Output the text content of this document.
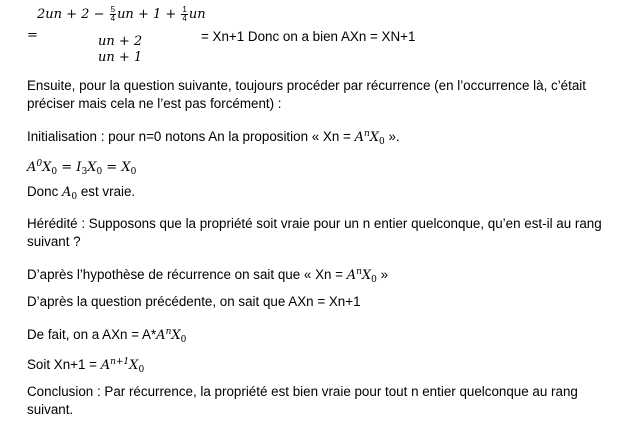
=
$2un + 2 - \frac{5}{4}$ un + $1 + \frac{1}{4}$ un
un + 2
un + 1
= Xn+1 Donc on a bien AXn = XN+1
Ensuite, pour la question suivante, toujours procéder par récurrence (en l’occurrence là, c’était préciser mais cela ne l’est pas forcément) :
Initialisation : pour n=0 notons An la proposition « $Xn = A^nX_0$ ».
$A^0X_0 = I_3X_0 = X_0$
Donc $A_0$ est vraie.
Hérédité : Supposons que la propriété soit vraie pour un n entier quelconque, qu’en est-il au rang suivant ?
D’après l’hypothèse de récurrence on sait que « $Xn = A^nX_0$ »
D’après la question précédente, on sait que AXn = Xn+1
De fait, on a AXn = $A*A^nX_0$
Soit $Xn+1 = A^{n+1}X_0$
Conclusion : Par récurrence, la propriété est bien vraie pour tout n entier quelconque au rang suivant.
